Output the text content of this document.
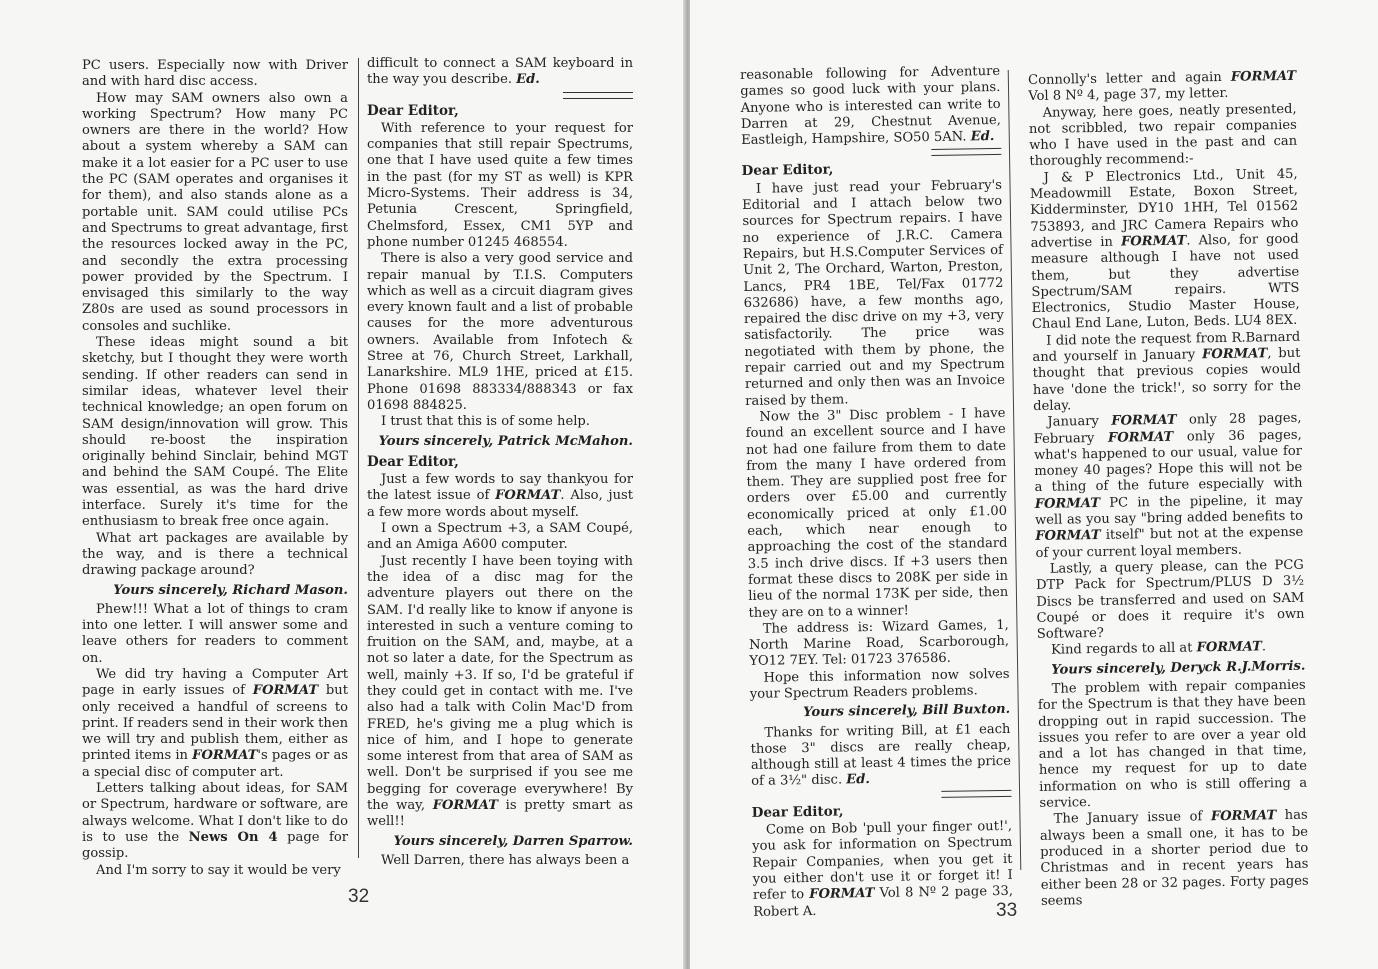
PC users. Especially now with Driver and with hard disc access.

How may SAM owners also own a working Spectrum? How many PC owners are there in the world? How about a system whereby a SAM can make it a lot easier for a PC user to use the PC (SAM operates and organises it for them), and also stands alone as a portable unit. SAM could utilise PCs and Spectrums to great advantage, first the resources locked away in the PC, and secondly the extra processing power provided by the Spectrum. I envisaged this similarly to the way Z80s are used as sound processors in consoles and suchlike.

These ideas might sound a bit sketchy, but I thought they were worth sending. If other readers can send in similar ideas, whatever level their technical knowledge; an open forum on SAM design/innovation will grow. This should re-boost the inspiration originally behind Sinclair, behind MGT and behind the SAM Coupé. The Elite was essential, as was the hard drive interface. Surely it's time for the enthusiasm to break free once again.

What art packages are available by the way, and is there a technical drawing package around?

Yours sincerely, Richard Mason.

Phew!!! What a lot of things to cram into one letter. I will answer some and leave others for readers to comment on.

We did try having a Computer Art page in early issues of FORMAT but only received a handful of screens to print. If readers send in their work then we will try and publish them, either as printed items in FORMAT's pages or as a special disc of computer art.

Letters talking about ideas, for SAM or Spectrum, hardware or software, are always welcome. What I don't like to do is to use the News On 4 page for gossip.

And I'm sorry to say it would be very

difficult to connect a SAM keyboard in the way you describe. Ed.

Dear Editor,

With reference to your request for companies that still repair Spectrums, one that I have used quite a few times in the past (for my ST as well) is KPR Micro-Systems. Their address is 34, Petunia Crescent, Springfield, Chelmsford, Essex, CM1 5YP and phone number 01245 468554.

There is also a very good service and repair manual by T.I.S. Computers which as well as a circuit diagram gives every known fault and a list of probable causes for the more adventurous owners. Available from Infotech & Stree at 76, Church Street, Larkhall, Lanarkshire. ML9 1HE, priced at £15. Phone 01698 883334/888343 or fax 01698 884825.

I trust that this is of some help.

Yours sincerely, Patrick McMahon.
Dear Editor,

Just a few words to say thankyou for the latest issue of FORMAT. Also, just a few more words about myself.

I own a Spectrum +3, a SAM Coupé, and an Amiga A600 computer.

Just recently I have been toying with the idea of a disc mag for the adventure players out there on the SAM. I'd really like to know if anyone is interested in such a venture coming to fruition on the SAM, and, maybe, at a not so later a date, for the Spectrum as well, mainly +3. If so, I'd be grateful if they could get in contact with me. I've also had a talk with Colin Mac'D from FRED, he's giving me a plug which is nice of him, and I hope to generate some interest from that area of SAM as well. Don't be surprised if you see me begging for coverage everywhere! By the way, FORMAT is pretty smart as well!!

Yours sincerely, Darren Sparrow.

Well Darren, there has always been a

32

reasonable following for Adventure games so good luck with your plans. Anyone who is interested can write to Darren at 29, Chestnut Avenue, Eastleigh, Hampshire, SO50 5AN. Ed.

Dear Editor,

I have just read your February's Editorial and I attach below two sources for Spectrum repairs. I have no experience of J.R.C. Camera Repairs, but H.S.Computer Services of Unit 2, The Orchard, Warton, Preston, Lancs, PR4 1BE, Tel/Fax 01772 632686) have, a few months ago, repaired the disc drive on my +3, very satisfactorily. The price was negotiated with them by phone, the repair carried out and my Spectrum returned and only then was an Invoice raised by them.

Now the 3" Disc problem - I have found an excellent source and I have not had one failure from them to date from the many I have ordered from them. They are supplied post free for orders over £5.00 and currently economically priced at only £1.00 each, which near enough to approaching the cost of the standard 3.5 inch drive discs. If +3 users then format these discs to 208K per side in lieu of the normal 173K per side, then they are on to a winner!

The address is: Wizard Games, 1, North Marine Road, Scarborough, YO12 7EY. Tel: 01723 376586.

Hope this information now solves your Spectrum Readers problems.

Yours sincerely, Bill Buxton.

Thanks for writing Bill, at £1 each those 3" discs are really cheap, although still at least 4 times the price of a 3½" disc. Ed.

Dear Editor,

Come on Bob 'pull your finger out!', you ask for information on Spectrum Repair Companies, when you get it you either don't use it or forget it! I refer to FORMAT Vol 8 Nº 2 page 33, Robert A.

Connolly's letter and again FORMAT Vol 8 Nº 4, page 37, my letter.

Anyway, here goes, neatly presented, not scribbled, two repair companies who I have used in the past and can thoroughly recommend:-

J & P Electronics Ltd., Unit 45, Meadowmill Estate, Boxon Street, Kidderminster, DY10 1HH, Tel 01562 753893, and JRC Camera Repairs who advertise in FORMAT. Also, for good measure although I have not used them, but they advertise Spectrum/SAM repairs. WTS Electronics, Studio Master House, Chaul End Lane, Luton, Beds. LU4 8EX.

I did note the request from R.Barnard and yourself in January FORMAT, but thought that previous copies would have 'done the trick!', so sorry for the delay.

January FORMAT only 28 pages, February FORMAT only 36 pages, what's happened to our usual, value for money 40 pages? Hope this will not be a thing of the future especially with FORMAT PC in the pipeline, it may well as you say "bring added benefits to FORMAT itself" but not at the expense of your current loyal members.

Lastly, a query please, can the PCG DTP Pack for Spectrum/PLUS D 3½ Discs be transferred and used on SAM Coupé or does it require it's own Software?

Kind regards to all at FORMAT.

Yours sincerely, Deryck R.J.Morris.

The problem with repair companies for the Spectrum is that they have been dropping out in rapid succession. The issues you refer to are over a year old and a lot has changed in that time, hence my request for up to date information on who is still offering a service.

The January issue of FORMAT has always been a small one, it has to be produced in a shorter period due to Christmas and in recent years has either been 28 or 32 pages. Forty pages seems

33
